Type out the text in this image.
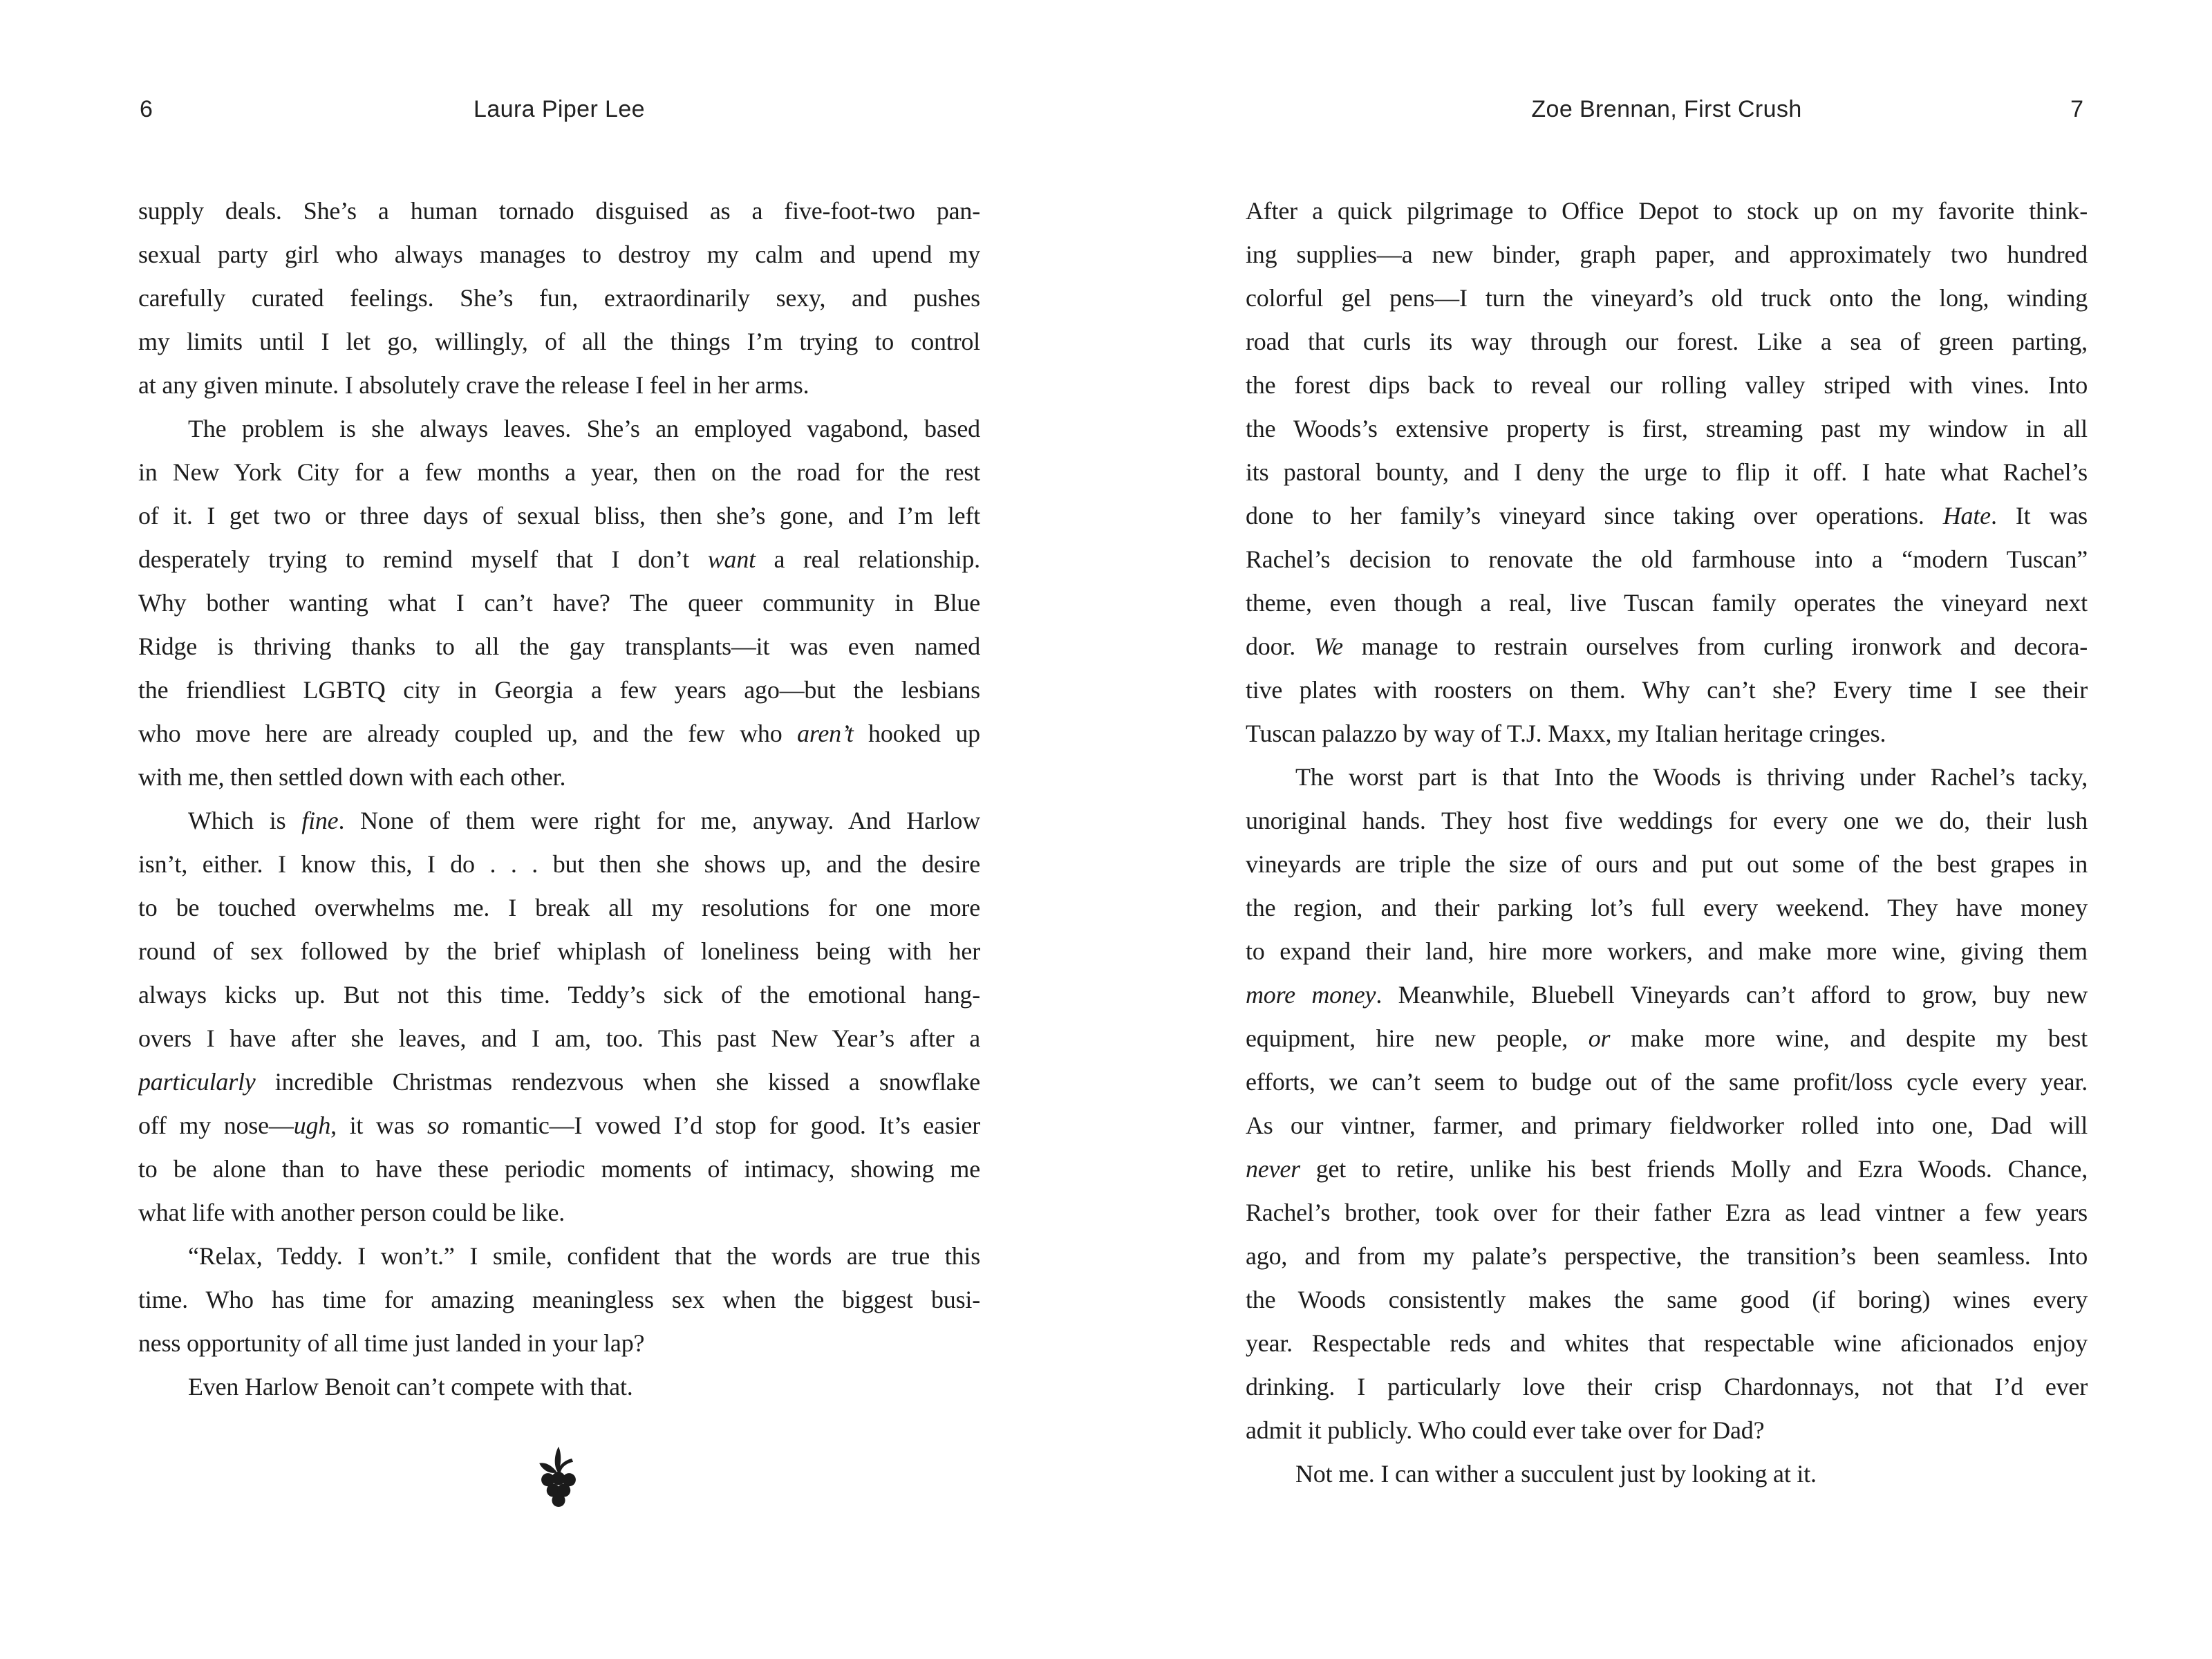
6	Laura Piper Lee	Zoe Brennan, First Crush	7
supply deals. She’s a human tornado disguised as a five-foot-two pan-
sexual party girl who always manages to destroy my calm and upend my
carefully curated feelings. She’s fun, extraordinarily sexy, and pushes
my limits until I let go, willingly, of all the things I’m trying to control
at any given minute. I absolutely crave the release I feel in her arms.
The problem is she always leaves. She’s an employed vagabond, based
in New York City for a few months a year, then on the road for the rest
of it. I get two or three days of sexual bliss, then she’s gone, and I’m left
desperately trying to remind myself that I don’t want a real relationship.
Why bother wanting what I can’t have? The queer community in Blue
Ridge is thriving thanks to all the gay transplants—it was even named
the friendliest LGBTQ city in Georgia a few years ago—but the lesbians
who move here are already coupled up, and the few who aren’t hooked up
with me, then settled down with each other.
Which is fine. None of them were right for me, anyway. And Harlow
isn’t, either. I know this, I do . . . but then she shows up, and the desire
to be touched overwhelms me. I break all my resolutions for one more
round of sex followed by the brief whiplash of loneliness being with her
always kicks up. But not this time. Teddy’s sick of the emotional hang-
overs I have after she leaves, and I am, too. This past New Year’s after a
particularly incredible Christmas rendezvous when she kissed a snowflake
off my nose—ugh, it was so romantic—I vowed I’d stop for good. It’s easier
to be alone than to have these periodic moments of intimacy, showing me
what life with another person could be like.
“Relax, Teddy. I won’t.” I smile, confident that the words are true this
time. Who has time for amazing meaningless sex when the biggest busi-
ness opportunity of all time just landed in your lap?
Even Harlow Benoit can’t compete with that.
After a quick pilgrimage to Office Depot to stock up on my favorite think-
ing supplies—a new binder, graph paper, and approximately two hundred
colorful gel pens—I turn the vineyard’s old truck onto the long, winding
road that curls its way through our forest. Like a sea of green parting,
the forest dips back to reveal our rolling valley striped with vines. Into
the Woods’s extensive property is first, streaming past my window in all
its pastoral bounty, and I deny the urge to flip it off. I hate what Rachel’s
done to her family’s vineyard since taking over operations. Hate. It was
Rachel’s decision to renovate the old farmhouse into a “modern Tuscan”
theme, even though a real, live Tuscan family operates the vineyard next
door. We manage to restrain ourselves from curling ironwork and decora-
tive plates with roosters on them. Why can’t she? Every time I see their
Tuscan palazzo by way of T.J. Maxx, my Italian heritage cringes.
The worst part is that Into the Woods is thriving under Rachel’s tacky,
unoriginal hands. They host five weddings for every one we do, their lush
vineyards are triple the size of ours and put out some of the best grapes in
the region, and their parking lot’s full every weekend. They have money
to expand their land, hire more workers, and make more wine, giving them
more money. Meanwhile, Bluebell Vineyards can’t afford to grow, buy new
equipment, hire new people, or make more wine, and despite my best
efforts, we can’t seem to budge out of the same profit/loss cycle every year.
As our vintner, farmer, and primary fieldworker rolled into one, Dad will
never get to retire, unlike his best friends Molly and Ezra Woods. Chance,
Rachel’s brother, took over for their father Ezra as lead vintner a few years
ago, and from my palate’s perspective, the transition’s been seamless. Into
the Woods consistently makes the same good (if boring) wines every
year. Respectable reds and whites that respectable wine aficionados enjoy
drinking. I particularly love their crisp Chardonnays, not that I’d ever
admit it publicly. Who could ever take over for Dad?
Not me. I can wither a succulent just by looking at it.
